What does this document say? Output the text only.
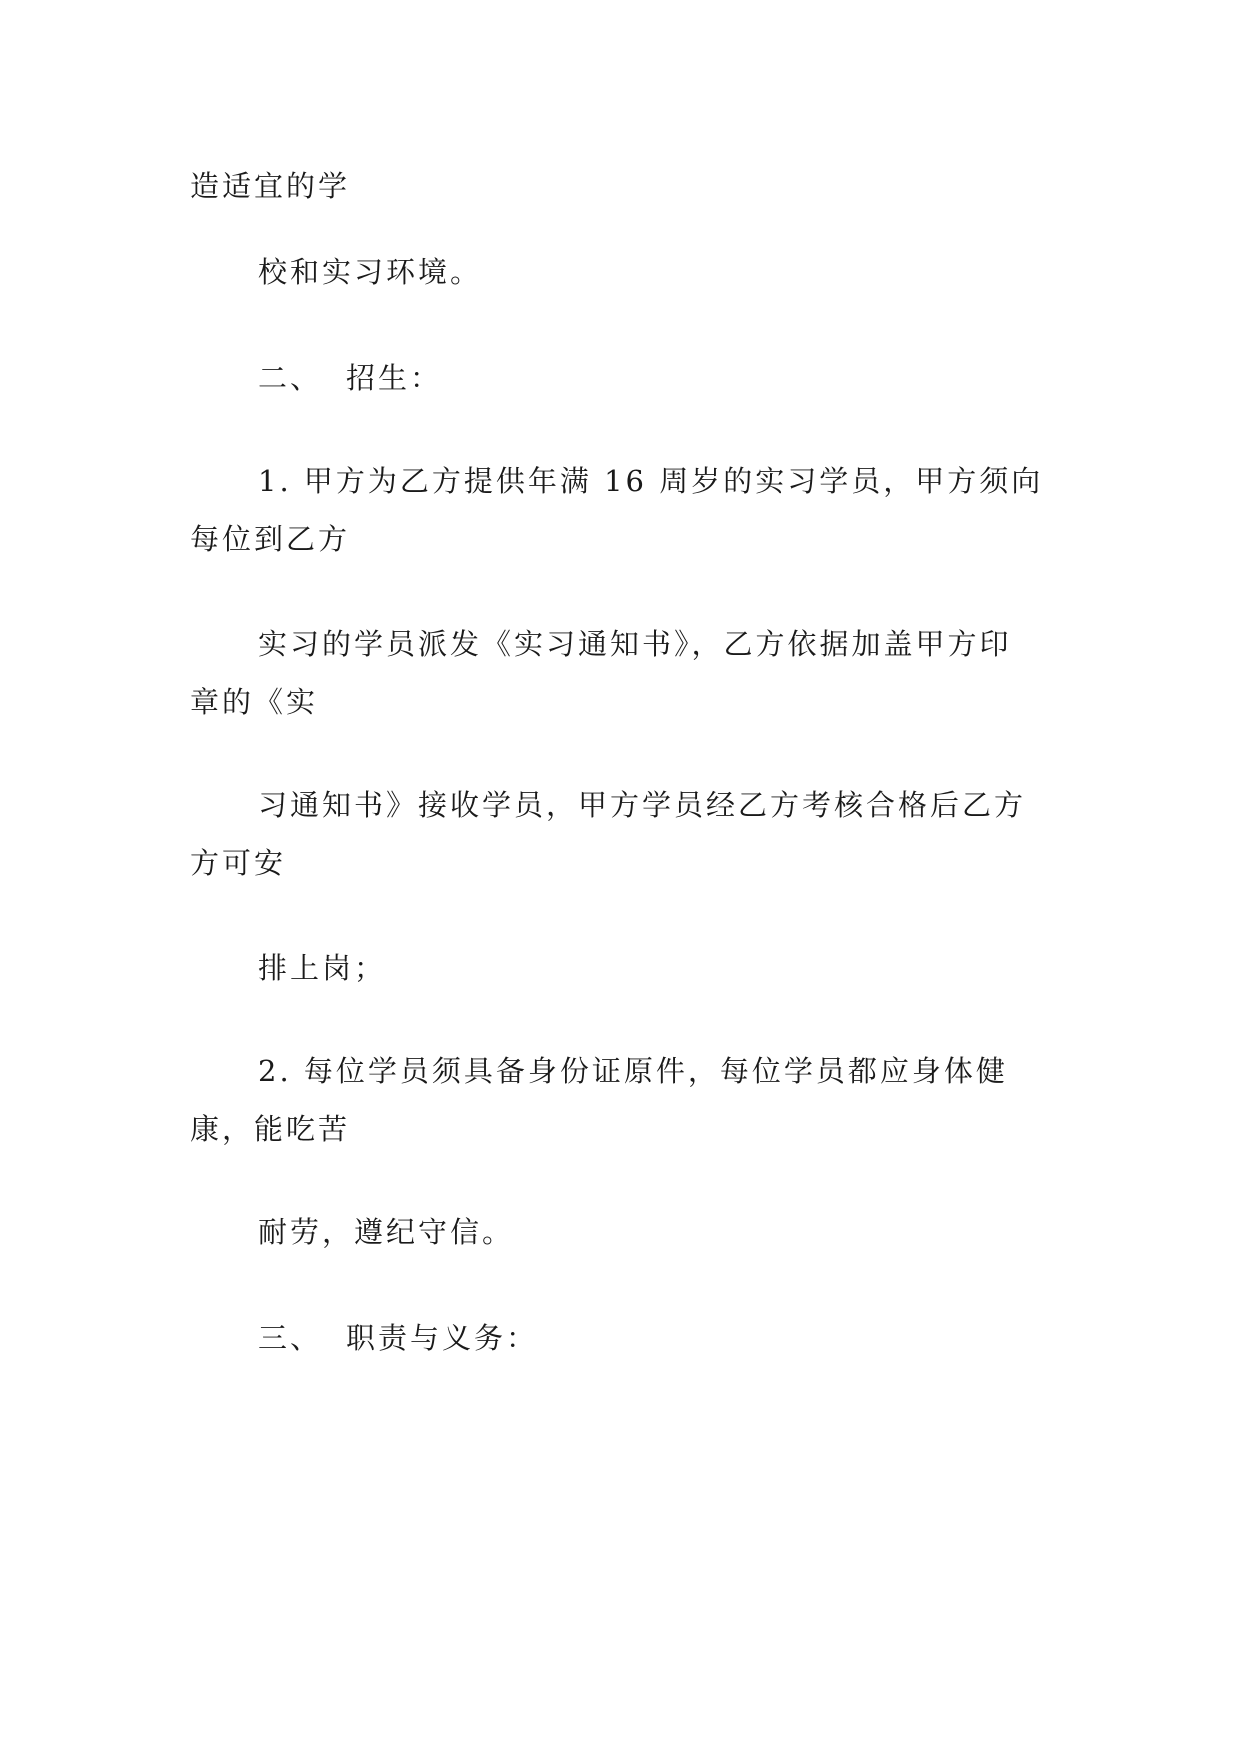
造适宜的学

校和实习环境。

二、 招生：

1. 甲方为乙方提供年满 16 周岁的实习学员，甲方须向

每位到乙方

实习的学员派发《实习通知书》，乙方依据加盖甲方印

章的《实

习通知书》接收学员，甲方学员经乙方考核合格后乙方

方可安

排上岗；

2. 每位学员须具备身份证原件，每位学员都应身体健

康，能吃苦

耐劳，遵纪守信。

三、 职责与义务：
